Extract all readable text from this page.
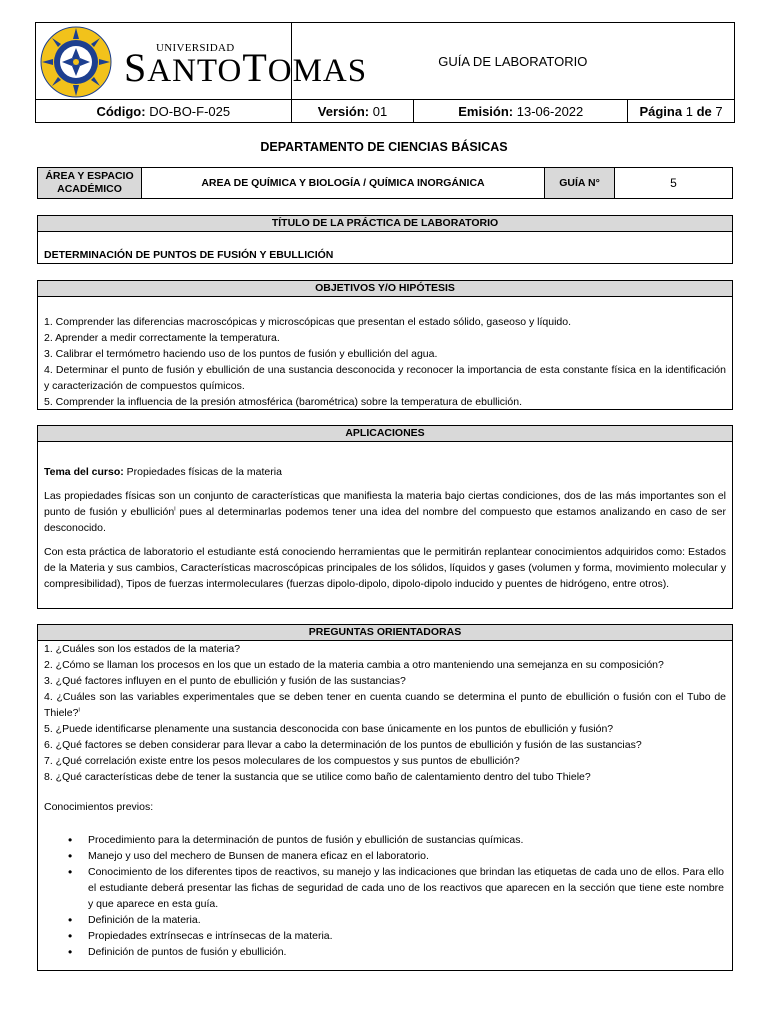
UNIVERSIDAD
SANTOTOMAS	GUÍA DE LABORATORIO		
Código: DO-BO-F-025	Versión: 01	Emisión: 13-06-2022	Página 1 de 7
DEPARTAMENTO DE CIENCIAS BÁSICAS
ÁREA Y ESPACIO ACADÉMICO	AREA DE QUÍMICA Y BIOLOGÍA / QUÍMICA INORGÁNICA	GUÍA N°	5
TÍTULO DE LA PRÁCTICA DE LABORATORIO
DETERMINACIÓN DE PUNTOS DE FUSIÓN Y EBULLICIÓN
OBJETIVOS Y/O HIPÓTESIS
1. Comprender las diferencias macroscópicas y microscópicas que presentan el estado sólido, gaseoso y líquido.
2. Aprender a medir correctamente la temperatura.
3. Calibrar el termómetro haciendo uso de los puntos de fusión y ebullición del agua.
4. Determinar el punto de fusión y ebullición de una sustancia desconocida y reconocer la importancia de esta constante física en la identificación y caracterización de compuestos químicos.
5. Comprender la influencia de la presión atmosférica (barométrica) sobre la temperatura de ebullición.
APLICACIONES
Tema del curso: Propiedades físicas de la materia
Las propiedades físicas son un conjunto de características que manifiesta la materia bajo ciertas condiciones, dos de las más importantes son el punto de fusión y ebullición$^i$ pues al determinarlas podemos tener una idea del nombre del compuesto que estamos analizando en caso de ser desconocido.
Con esta práctica de laboratorio el estudiante está conociendo herramientas que le permitirán replantear conocimientos adquiridos como: Estados de la Materia y sus cambios, Características macroscópicas principales de los sólidos, líquidos y gases (volumen y forma, movimiento molecular y compresibilidad), Tipos de fuerzas intermoleculares (fuerzas dipolo-dipolo, dipolo-dipolo inducido y puentes de hidrógeno, entre otros).
PREGUNTAS ORIENTADORAS
1. ¿Cuáles son los estados de la materia?
2. ¿Cómo se llaman los procesos en los que un estado de la materia cambia a otro manteniendo una semejanza en su composición?
3. ¿Qué factores influyen en el punto de ebullición y fusión de las sustancias?
4. ¿Cuáles son las variables experimentales que se deben tener en cuenta cuando se determina el punto de ebullición o fusión con el Tubo de Thiele?$^i$
5. ¿Puede identificarse plenamente una sustancia desconocida con base únicamente en los puntos de ebullición y fusión?
6. ¿Qué factores se deben considerar para llevar a cabo la determinación de los puntos de ebullición y fusión de las sustancias?
7. ¿Qué correlación existe entre los pesos moleculares de los compuestos y sus puntos de ebullición?
8. ¿Qué características debe de tener la sustancia que se utilice como baño de calentamiento dentro del tubo Thiele?
Conocimientos previos:
• Procedimiento para la determinación de puntos de fusión y ebullición de sustancias químicas.
• Manejo y uso del mechero de Bunsen de manera eficaz en el laboratorio.
• Conocimiento de los diferentes tipos de reactivos, su manejo y las indicaciones que brindan las etiquetas de cada uno de ellos. Para ello el estudiante deberá presentar las fichas de seguridad de cada uno de los reactivos que aparecen en la sección que tiene este nombre y que aparece en esta guía.
• Definición de la materia.
• Propiedades extrínsecas e intrínsecas de la materia.
• Definición de puntos de fusión y ebullición.
